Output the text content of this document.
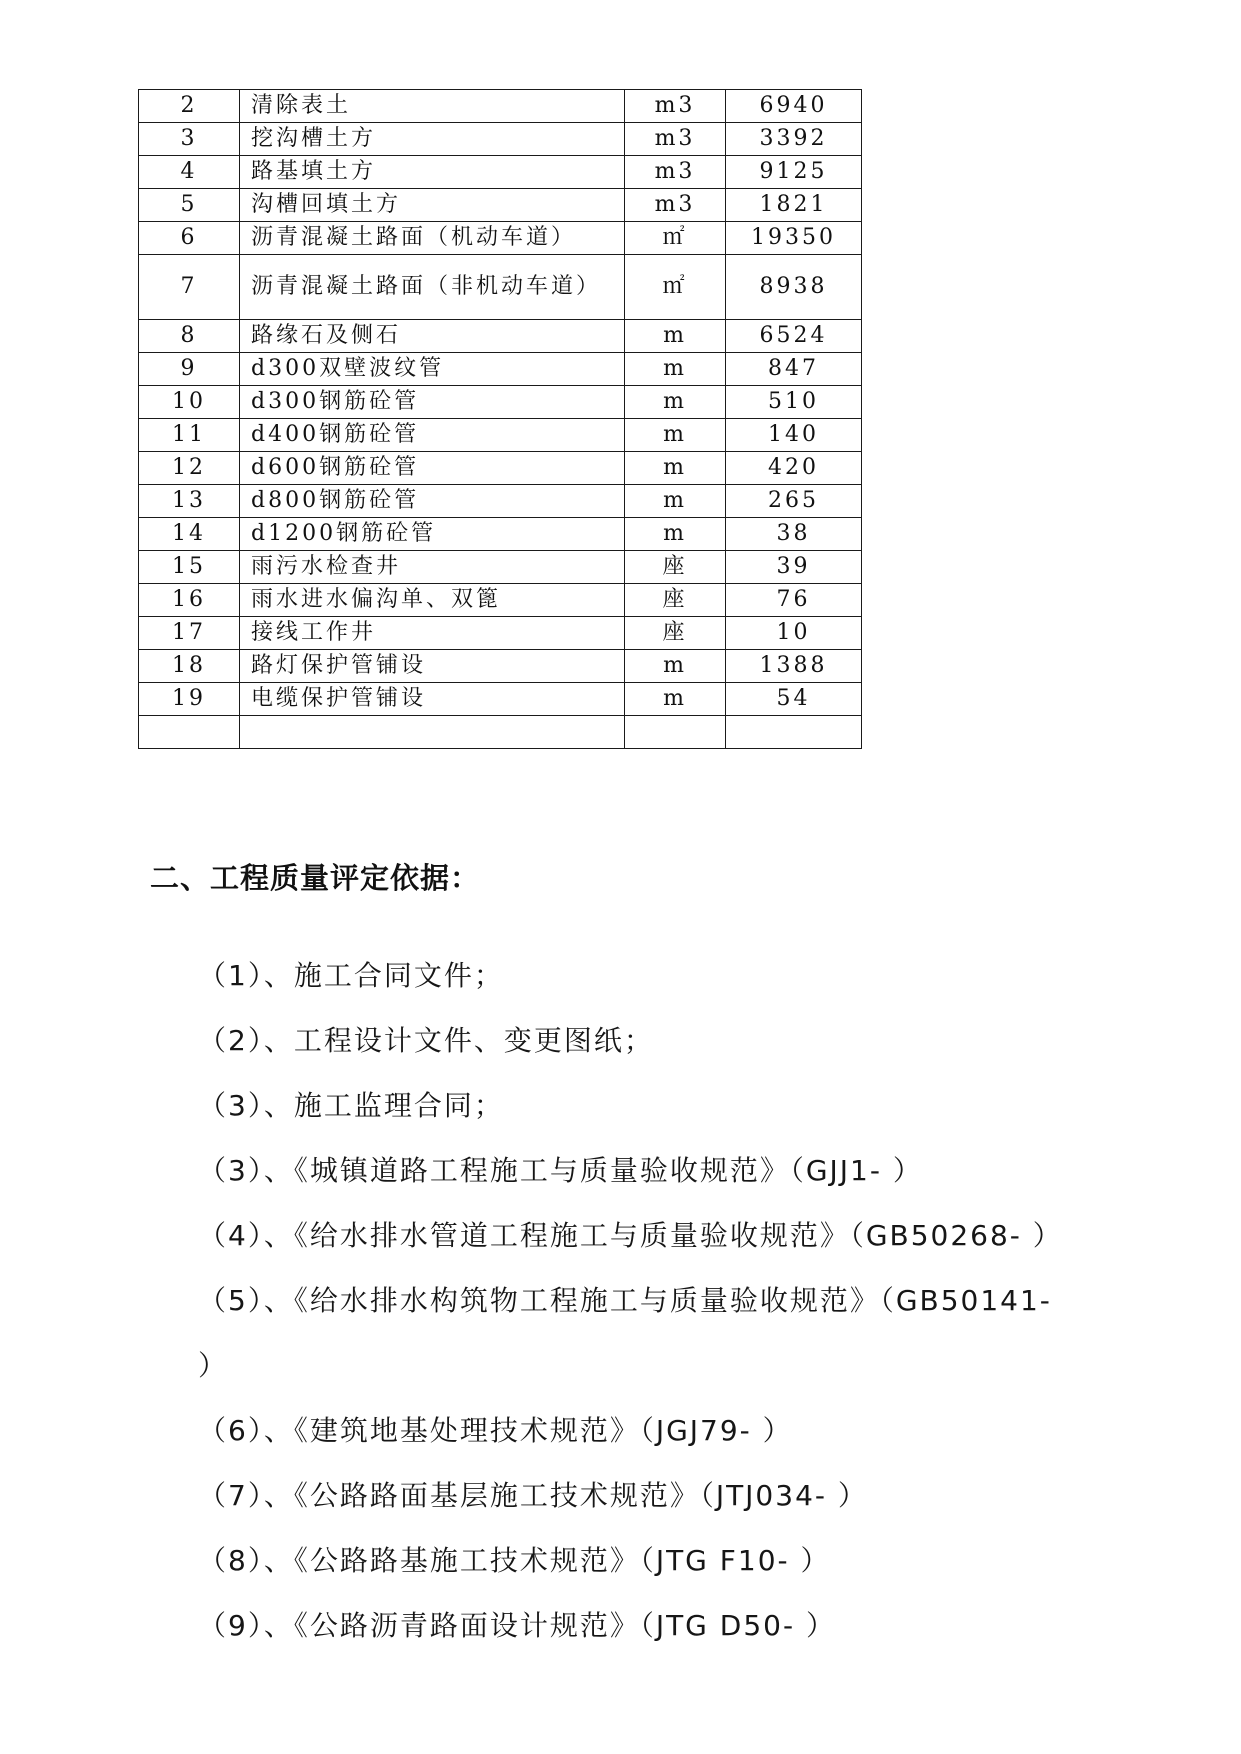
2	清除表土	m3	6940
3	挖沟槽土方	m3	3392
4	路基填土方	m3	9125
5	沟槽回填土方	m3	1821
6	沥青混凝土路面（机动车道）	㎡	19350
7	沥青混凝土路面（非机动车道）	㎡	8938
8	路缘石及侧石	m	6524
9	d300双壁波纹管	m	847
10	d300钢筋砼管	m	510
11	d400钢筋砼管	m	140
12	d600钢筋砼管	m	420
13	d800钢筋砼管	m	265
14	d1200钢筋砼管	m	38
15	雨污水检查井	座	39
16	雨水进水偏沟单、双篦	座	76
17	接线工作井	座	10
18	路灯保护管铺设	m	1388
19	电缆保护管铺设	m	54

二、工程质量评定依据：
（1）、施工合同文件；
（2）、工程设计文件、变更图纸；
（3）、施工监理合同；
（3）、《城镇道路工程施工与质量验收规范》（GJJ1- ）
（4）、《给水排水管道工程施工与质量验收规范》（GB50268- ）
（5）、《给水排水构筑物工程施工与质量验收规范》（GB50141- ）
（6）、《建筑地基处理技术规范》（JGJ79- ）
（7）、《公路路面基层施工技术规范》（JTJ034- ）
（8）、《公路路基施工技术规范》（JTG F10- ）
（9）、《公路沥青路面设计规范》（JTG D50- ）
